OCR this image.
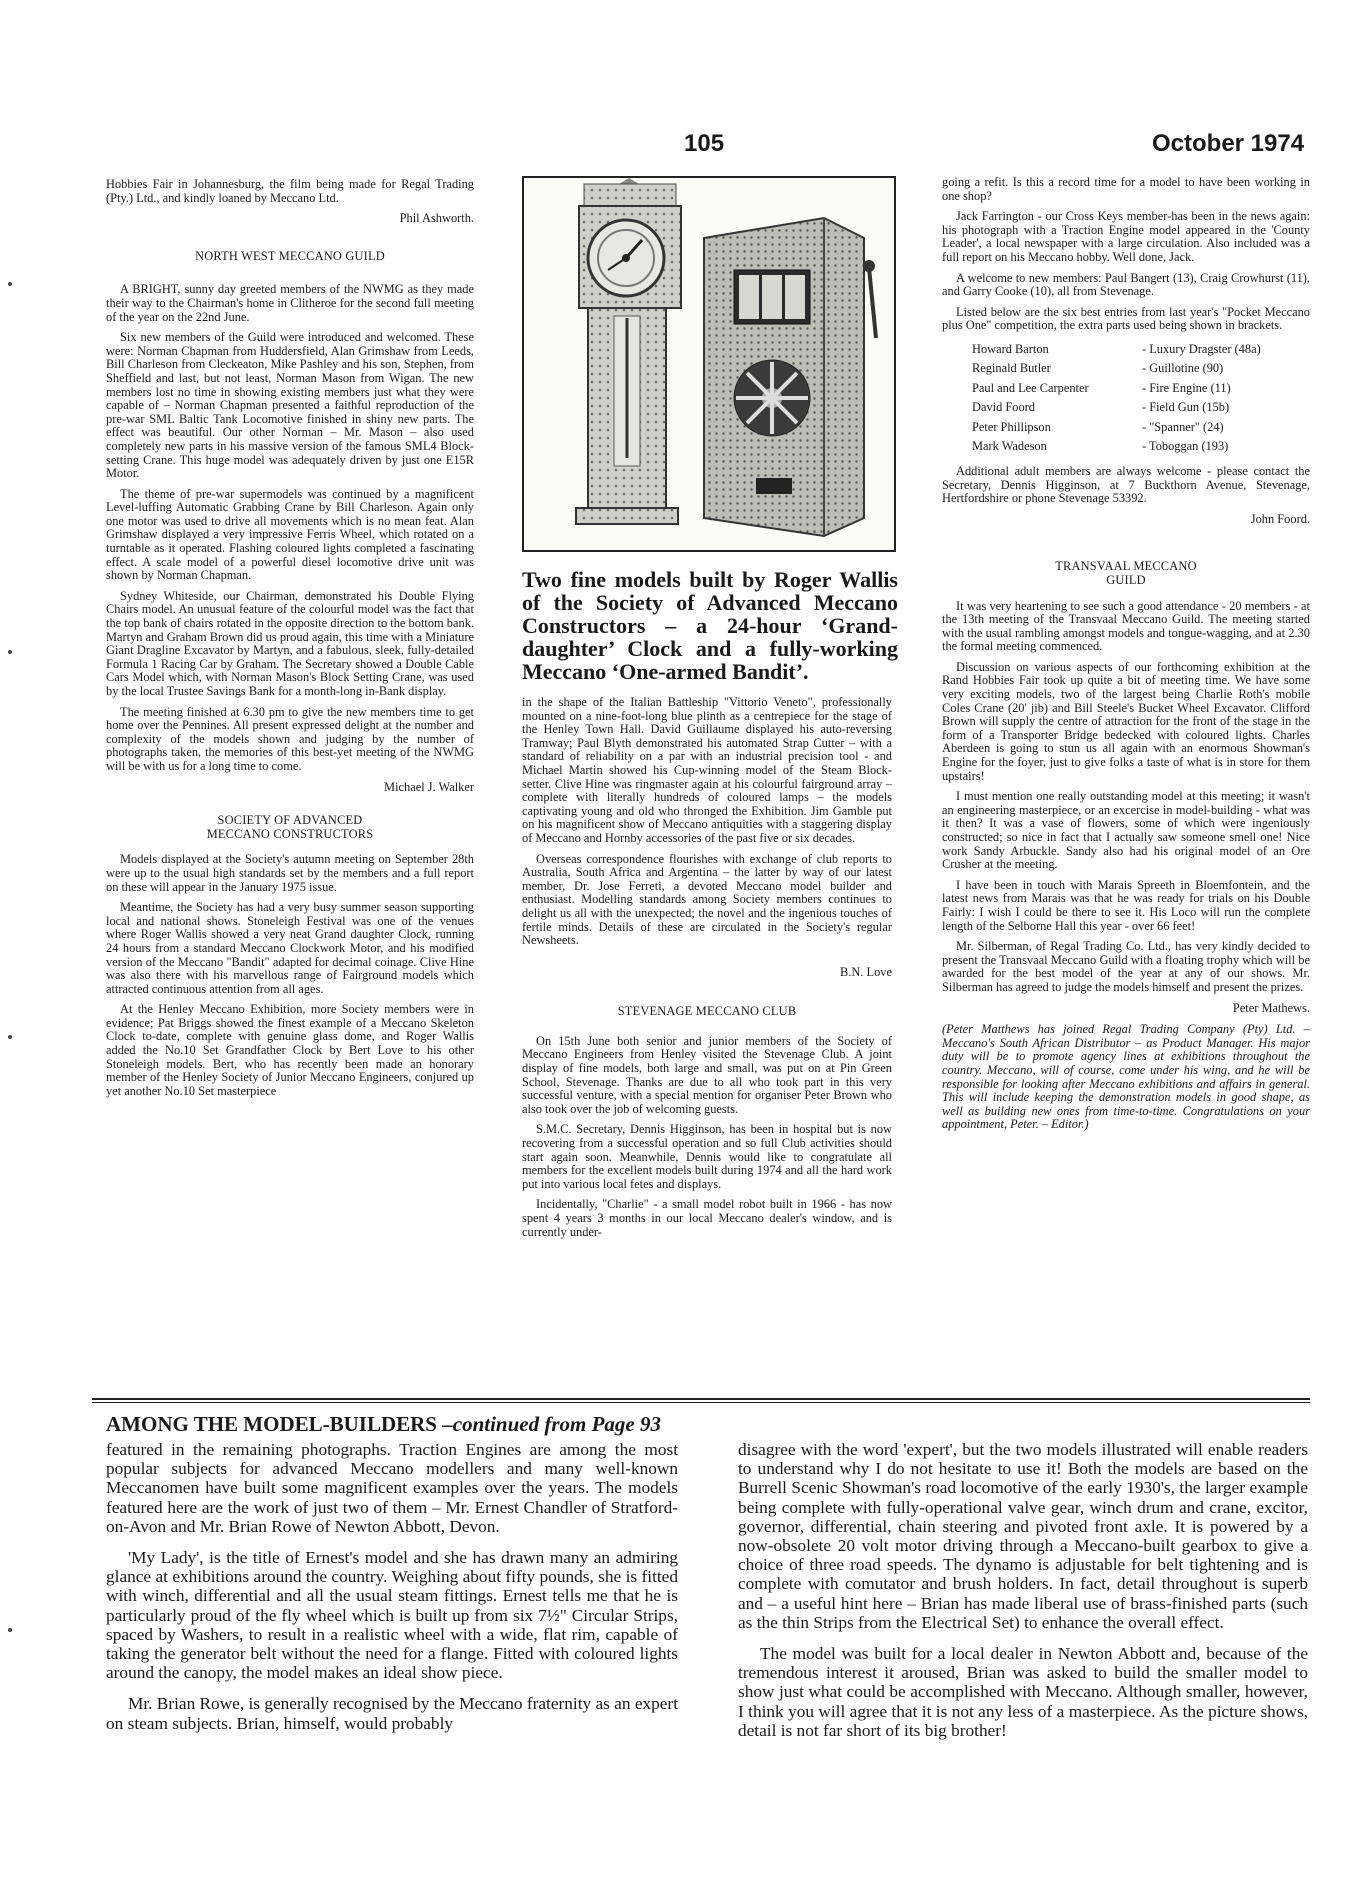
105	October 1974

Hobbies Fair in Johannesburg, the film being made for Regal Trading (Pty.) Ltd., and kindly loaned by Meccano Ltd.

Phil Ashworth.

NORTH WEST MECCANO GUILD

A BRIGHT, sunny day greeted members of the NWMG as they made their way to the Chairman's home in Clitheroe for the second full meeting of the year on the 22nd June.

Six new members of the Guild were introduced and welcomed. These were: Norman Chapman from Huddersfield, Alan Grimshaw from Leeds, Bill Charleson from Cleckeaton, Mike Pashley and his son, Stephen, from Sheffield and last, but not least, Norman Mason from Wigan. The new members lost no time in showing existing members just what they were capable of – Norman Chapman presented a faithful reproduction of the pre-war SML Baltic Tank Locomotive finished in shiny new parts. The effect was beautiful. Our other Norman – Mr. Mason – also used completely new parts in his massive version of the famous SML4 Block-setting Crane. This huge model was adequately driven by just one E15R Motor.

The theme of pre-war supermodels was continued by a magnificent Level-luffing Automatic Grabbing Crane by Bill Charleson. Again only one motor was used to drive all movements which is no mean feat. Alan Grimshaw displayed a very impressive Ferris Wheel, which rotated on a turntable as it operated. Flashing coloured lights completed a fascinating effect. A scale model of a powerful diesel locomotive drive unit was shown by Norman Chapman.

Sydney Whiteside, our Chairman, demonstrated his Double Flying Chairs model. An unusual feature of the colourful model was the fact that the top bank of chairs rotated in the opposite direction to the bottom bank. Martyn and Graham Brown did us proud again, this time with a Miniature Giant Dragline Excavator by Martyn, and a fabulous, sleek, fully-detailed Formula 1 Racing Car by Graham. The Secretary showed a Double Cable Cars Model which, with Norman Mason's Block Setting Crane, was used by the local Trustee Savings Bank for a month-long in-Bank display.

The meeting finished at 6.30 pm to give the new members time to get home over the Pennines. All present expressed delight at the number and complexity of the models shown and judging by the number of photographs taken, the memories of this best-yet meeting of the NWMG will be with us for a long time to come.

Michael J. Walker

SOCIETY OF ADVANCED
MECCANO CONSTRUCTORS

Models displayed at the Society's autumn meeting on September 28th were up to the usual high standards set by the members and a full report on these will appear in the January 1975 issue.

Meantime, the Society has had a very busy summer season supporting local and national shows. Stoneleigh Festival was one of the venues where Roger Wallis showed a very neat Grand daughter Clock, running 24 hours from a standard Meccano Clockwork Motor, and his modified version of the Meccano "Bandit" adapted for decimal coinage. Clive Hine was also there with his marvellous range of Fairground models which attracted continuous attention from all ages.

At the Henley Meccano Exhibition, more Society members were in evidence; Pat Briggs showed the finest example of a Meccano Skeleton Clock to-date, complete with genuine glass dome, and Roger Wallis added the No.10 Set Grandfather Clock by Bert Love to his other Stoneleigh models. Bert, who has recently been made an honorary member of the Henley Society of Junior Meccano Engineers, conjured up yet another No.10 Set masterpiece

Two fine models built by Roger Wallis of the Society of Advanced Meccano Constructors – a 24-hour ‘Grand-daughter’ Clock and a fully-working Meccano ‘One-armed Bandit’.

in the shape of the Italian Battleship "Vittorio Veneto", professionally mounted on a nine-foot-long blue plinth as a centrepiece for the stage of the Henley Town Hall. David Guillaume displayed his auto-reversing Tramway; Paul Blyth demonstrated his automated Strap Cutter – with a standard of reliability on a par with an industrial precision tool - and Michael Martin showed his Cup-winning model of the Steam Block-setter. Clive Hine was ringmaster again at his colourful fairground array – complete with literally hundreds of coloured lamps – the models captivating young and old who thronged the Exhibition. Jim Gamble put on his magnificent show of Meccano antiquities with a staggering display of Meccano and Hornby accessories of the past five or six decades.

Overseas correspondence flourishes with exchange of club reports to Australia, South Africa and Argentina – the latter by way of our latest member, Dr. Jose Ferreti, a devoted Meccano model builder and enthusiast. Modelling standards among Society members continues to delight us all with the unexpected; the novel and the ingenious touches of fertile minds. Details of these are circulated in the Society's regular Newsheets.

B.N. Love

STEVENAGE MECCANO CLUB

On 15th June both senior and junior members of the Society of Meccano Engineers from Henley visited the Stevenage Club. A joint display of fine models, both large and small, was put on at Pin Green School, Stevenage. Thanks are due to all who took part in this very successful venture, with a special mention for organiser Peter Brown who also took over the job of welcoming guests.

S.M.C. Secretary, Dennis Higginson, has been in hospital but is now recovering from a successful operation and so full Club activities should start again soon. Meanwhile, Dennis would like to congratulate all members for the excellent models built during 1974 and all the hard work put into various local fetes and displays.

Incidentally, "Charlie" - a small model robot built in 1966 - has now spent 4 years 3 months in our local Meccano dealer's window, and is currently under-

going a refit. Is this a record time for a model to have been working in one shop?

Jack Farrington - our Cross Keys member-has been in the news again: his photograph with a Traction Engine model appeared in the 'County Leader', a local newspaper with a large circulation. Also included was a full report on his Meccano hobby. Well done, Jack.

A welcome to new members: Paul Bangert (13), Craig Crowhurst (11), and Garry Cooke (10), all from Stevenage.

Listed below are the six best entries from last year's "Pocket Meccano plus One" competition, the extra parts used being shown in brackets.

Howard Barton	- Luxury Dragster (48a)
Reginald Butler	- Guillotine (90)
Paul and Lee Carpenter	- Fire Engine (11)
David Foord	- Field Gun (15b)
Peter Phillipson	- "Spanner" (24)
Mark Wadeson	- Toboggan (193)

Additional adult members are always welcome - please contact the Secretary, Dennis Higginson, at 7 Buckthorn Avenue, Stevenage, Hertfordshire or phone Stevenage 53392.

John Foord.

TRANSVAAL MECCANO
GUILD

It was very heartening to see such a good attendance - 20 members - at the 13th meeting of the Transvaal Meccano Guild. The meeting started with the usual rambling amongst models and tongue-wagging, and at 2.30 the formal meeting commenced.

Discussion on various aspects of our forthcoming exhibition at the Rand Hobbies Fair took up quite a bit of meeting time. We have some very exciting models, two of the largest being Charlie Roth's mobile Coles Crane (20' jib) and Bill Steele's Bucket Wheel Excavator. Clifford Brown will supply the centre of attraction for the front of the stage in the form of a Transporter Bridge bedecked with coloured lights. Charles Aberdeen is going to stun us all again with an enormous Showman's Engine for the foyer, just to give folks a taste of what is in store for them upstairs!

I must mention one really outstanding model at this meeting; it wasn't an engineering masterpiece, or an excercise in model-building - what was it then? It was a vase of flowers, some of which were ingeniously constructed; so nice in fact that I actually saw someone smell one! Nice work Sandy Arbuckle. Sandy also had his original model of an Ore Crusher at the meeting.

I have been in touch with Marais Spreeth in Bloemfontein, and the latest news from Marais was that he was ready for trials on his Double Fairly: I wish I could be there to see it. His Loco will run the complete length of the Selborne Hall this year - over 66 feet!

Mr. Silberman, of Regal Trading Co. Ltd., has very kindly decided to present the Transvaal Meccano Guild with a floating trophy which will be awarded for the best model of the year at any of our shows. Mr. Silberman has agreed to judge the models himself and present the prizes.

Peter Mathews.

(Peter Matthews has joined Regal Trading Company (Pty) Ltd. – Meccano's South African Distributor – as Product Manager. His major duty will be to promote agency lines at exhibitions throughout the country. Meccano, will of course, come under his wing, and he will be responsible for looking after Meccano exhibitions and affairs in general. This will include keeping the demonstration models in good shape, as well as building new ones from time-to-time. Congratulations on your appointment, Peter. – Editor.)

AMONG THE MODEL-BUILDERS –continued from Page 93

featured in the remaining photographs. Traction Engines are among the most popular subjects for advanced Meccano modellers and many well-known Meccanomen have built some magnificent examples over the years. The models featured here are the work of just two of them – Mr. Ernest Chandler of Stratford-on-Avon and Mr. Brian Rowe of Newton Abbott, Devon.

'My Lady', is the title of Ernest's model and she has drawn many an admiring glance at exhibitions around the country. Weighing about fifty pounds, she is fitted with winch, differential and all the usual steam fittings. Ernest tells me that he is particularly proud of the fly wheel which is built up from six 7½" Circular Strips, spaced by Washers, to result in a realistic wheel with a wide, flat rim, capable of taking the generator belt without the need for a flange. Fitted with coloured lights around the canopy, the model makes an ideal show piece.

Mr. Brian Rowe, is generally recognised by the Meccano fraternity as an expert on steam subjects. Brian, himself, would probably

disagree with the word 'expert', but the two models illustrated will enable readers to understand why I do not hesitate to use it! Both the models are based on the Burrell Scenic Showman's road locomotive of the early 1930's, the larger example being complete with fully-operational valve gear, winch drum and crane, excitor, governor, differential, chain steering and pivoted front axle. It is powered by a now-obsolete 20 volt motor driving through a Meccano-built gearbox to give a choice of three road speeds. The dynamo is adjustable for belt tightening and is complete with comutator and brush holders. In fact, detail throughout is superb and – a useful hint here – Brian has made liberal use of brass-finished parts (such as the thin Strips from the Electrical Set) to enhance the overall effect.

The model was built for a local dealer in Newton Abbott and, because of the tremendous interest it aroused, Brian was asked to build the smaller model to show just what could be accomplished with Meccano. Although smaller, however, I think you will agree that it is not any less of a masterpiece. As the picture shows, detail is not far short of its big brother!
